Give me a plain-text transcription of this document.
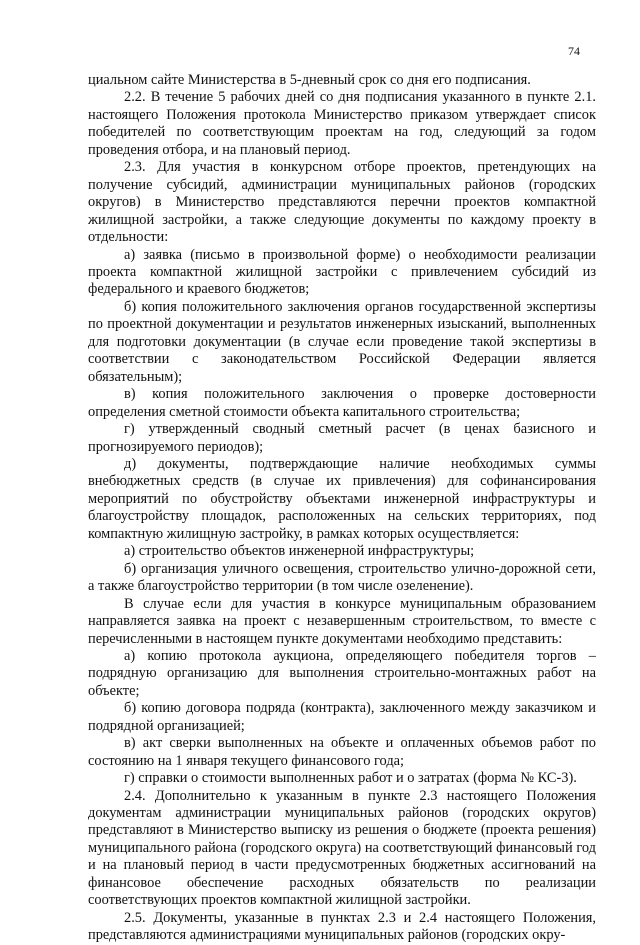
74

циальном сайте Министерства в 5-дневный срок со дня его подписания.

2.2. В течение 5 рабочих дней со дня подписания указанного в пункте 2.1. настоящего Положения протокола Министерство приказом утверждает список победителей по соответствующим проектам на год, следующий за годом проведения отбора, и на плановый период.

2.3. Для участия в конкурсном отборе проектов, претендующих на получение субсидий, администрации муниципальных районов (городских округов) в Министерство представляются перечни проектов компактной жилищной застройки, а также следующие документы по каждому проекту в отдельности:

а) заявка (письмо в произвольной форме) о необходимости реализации проекта компактной жилищной застройки с привлечением субсидий из федерального и краевого бюджетов;

б) копия положительного заключения органов государственной экспертизы по проектной документации и результатов инженерных изысканий, выполненных для подготовки документации (в случае если проведение такой экспертизы в соответствии с законодательством Российской Федерации является обязательным);

в) копия положительного заключения о проверке достоверности определения сметной стоимости объекта капитального строительства;

г) утвержденный сводный сметный расчет (в ценах базисного и прогнозируемого периодов);

д) документы, подтверждающие наличие необходимых суммы внебюджетных средств (в случае их привлечения) для софинансирования мероприятий по обустройству объектами инженерной инфраструктуры и благоустройству площадок, расположенных на сельских территориях, под компактную жилищную застройку, в рамках которых осуществляется:

а) строительство объектов инженерной инфраструктуры;

б) организация уличного освещения, строительство улично-дорожной сети, а также благоустройство территории (в том числе озеленение).

В случае если для участия в конкурсе муниципальным образованием направляется заявка на проект с незавершенным строительством, то вместе с перечисленными в настоящем пункте документами необходимо представить:

а) копию протокола аукциона, определяющего победителя торгов – подрядную организацию для выполнения строительно-монтажных работ на объекте;

б) копию договора подряда (контракта), заключенного между заказчиком и подрядной организацией;

в) акт сверки выполненных на объекте и оплаченных объемов работ по состоянию на 1 января текущего финансового года;

г) справки о стоимости выполненных работ и о затратах (форма № КС-3).

2.4. Дополнительно к указанным в пункте 2.3 настоящего Положения документам администрации муниципальных районов (городских округов) представляют в Министерство выписку из решения о бюджете (проекта решения) муниципального района (городского округа) на соответствующий финансовый год и на плановый период в части предусмотренных бюджетных ассигнований на финансовое обеспечение расходных обязательств по реализации соответствующих проектов компактной жилищной застройки.

2.5. Документы, указанные в пунктах 2.3 и 2.4 настоящего Положения, представляются администрациями муниципальных районов (городских окру-
